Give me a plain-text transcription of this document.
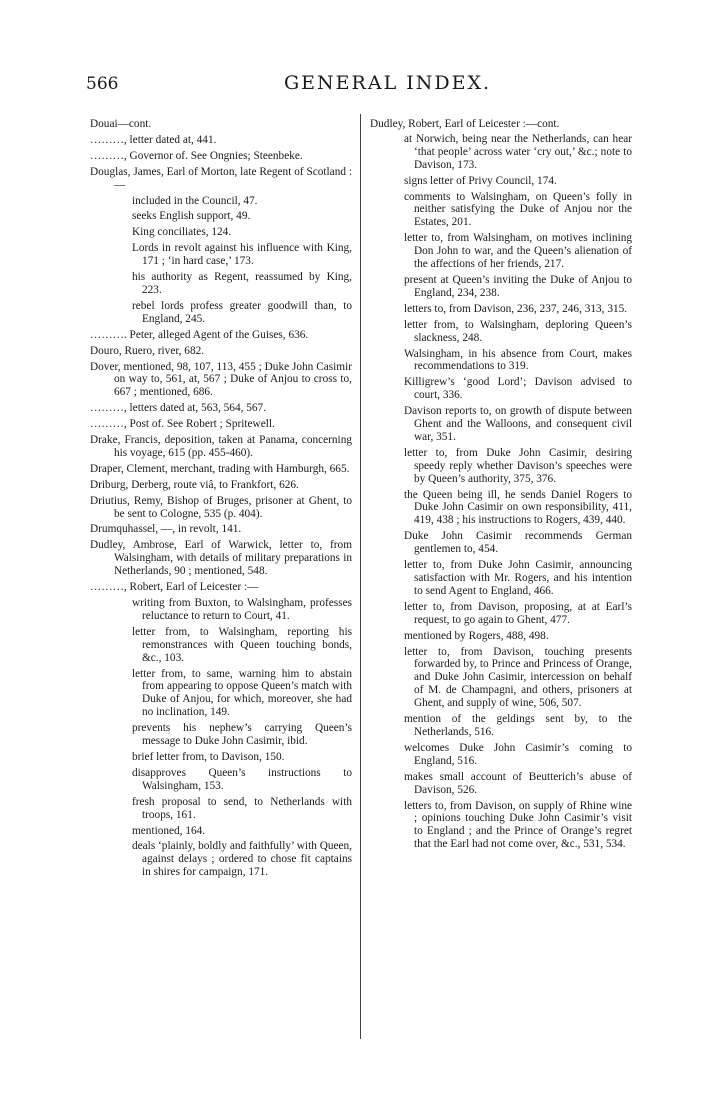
566	GENERAL INDEX.
Douai—cont.
………, letter dated at, 441.
………, Governor of. See Ongnies; Steenbeke.
Douglas, James, Earl of Morton, late Regent of Scotland :—
included in the Council, 47.
seeks English support, 49.
King conciliates, 124.
Lords in revolt against his influence with King, 171 ; ‘in hard case,’ 173.
his authority as Regent, reassumed by King, 223.
rebel lords profess greater goodwill than, to England, 245.
………. Peter, alleged Agent of the Guises, 636.
Douro, Ruero, river, 682.
Dover, mentioned, 98, 107, 113, 455 ; Duke John Casimir on way to, 561, at, 567 ; Duke of Anjou to cross to, 667 ; mentioned, 686.
………, letters dated at, 563, 564, 567.
………, Post of. See Robert ; Spritewell.
Drake, Francis, deposition, taken at Panama, concerning his voyage, 615 (pp. 455-460).
Draper, Clement, merchant, trading with Hamburgh, 665.
Driburg, Derberg, route viâ, to Frankfort, 626.
Driutius, Remy, Bishop of Bruges, prisoner at Ghent, to be sent to Cologne, 535 (p. 404).
Drumquhassel, —, in revolt, 141.
Dudley, Ambrose, Earl of Warwick, letter to, from Walsingham, with details of military preparations in Netherlands, 90 ; mentioned, 548.
………, Robert, Earl of Leicester :—
writing from Buxton, to Walsingham, professes reluctance to return to Court, 41.
letter from, to Walsingham, reporting his remonstrances with Queen touching bonds, &c., 103.
letter from, to same, warning him to abstain from appearing to oppose Queen’s match with Duke of Anjou, for which, moreover, she had no inclination, 149.
prevents his nephew’s carrying Queen’s message to Duke John Casimir, ibid.
brief letter from, to Davison, 150.
disapproves Queen’s instructions to Walsingham, 153.
fresh proposal to send, to Netherlands with troops, 161.
mentioned, 164.
deals ‘plainly, boldly and faithfully’ with Queen, against delays ; ordered to chose fit captains in shires for campaign, 171.
Dudley, Robert, Earl of Leicester :—cont.
at Norwich, being near the Netherlands, can hear ‘that people’ across water ‘cry out,’ &c.; note to Davison, 173.
signs letter of Privy Council, 174.
comments to Walsingham, on Queen’s folly in neither satisfying the Duke of Anjou nor the Estates, 201.
letter to, from Walsingham, on motives inclining Don John to war, and the Queen’s alienation of the affections of her friends, 217.
present at Queen’s inviting the Duke of Anjou to England, 234, 238.
letters to, from Davison, 236, 237, 246, 313, 315.
letter from, to Walsingham, deploring Queen’s slackness, 248.
Walsingham, in his absence from Court, makes recommendations to 319.
Killigrew’s ‘good Lord’; Davison advised to court, 336.
Davison reports to, on growth of dispute between Ghent and the Walloons, and consequent civil war, 351.
letter to, from Duke John Casimir, desiring speedy reply whether Davison’s speeches were by Queen’s authority, 375, 376.
the Queen being ill, he sends Daniel Rogers to Duke John Casimir on own responsibility, 411, 419, 438 ; his instructions to Rogers, 439, 440.
Duke John Casimir recommends German gentlemen to, 454.
letter to, from Duke John Casimir, announcing satisfaction with Mr. Rogers, and his intention to send Agent to England, 466.
letter to, from Davison, proposing, at at Earl’s request, to go again to Ghent, 477.
mentioned by Rogers, 488, 498.
letter to, from Davison, touching presents forwarded by, to Prince and Princess of Orange, and Duke John Casimir, intercession on behalf of M. de Champagni, and others, prisoners at Ghent, and supply of wine, 506, 507.
mention of the geldings sent by, to the Netherlands, 516.
welcomes Duke John Casimir’s coming to England, 516.
makes small account of Beutterich’s abuse of Davison, 526.
letters to, from Davison, on supply of Rhine wine ; opinions touching Duke John Casimir’s visit to England ; and the Prince of Orange’s regret that the Earl had not come over, &c., 531, 534.
